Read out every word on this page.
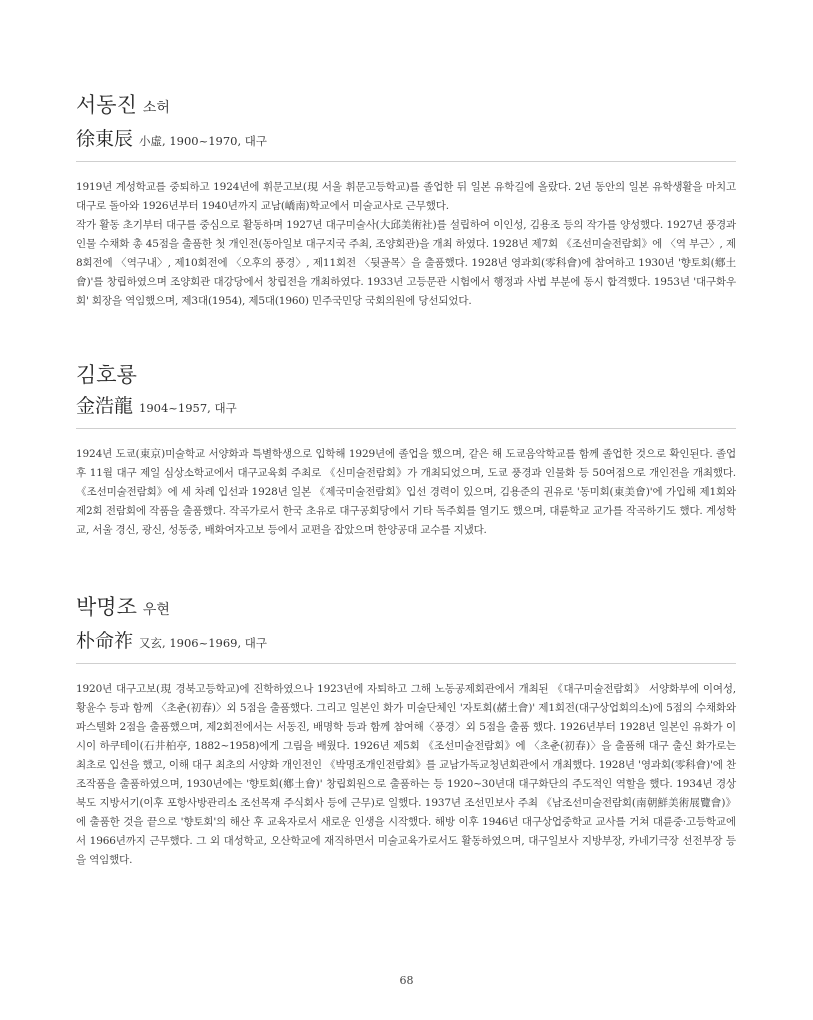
서동진 소허
徐東辰 小虛, 1900~1970, 대구

1919년 계성학교를 중퇴하고 1924년에 휘문고보(現 서울 휘문고등학교)를 졸업한 뒤 일본 유학길에 올랐다. 2년 동안의 일본 유학생활을 마치고 대구로 돌아와 1926년부터 1940년까지 교남(嶠南)학교에서 미술교사로 근무했다.

작가 활동 초기부터 대구를 중심으로 활동하며 1927년 대구미술사(大邱美術社)를 설립하여 이인성, 김용조 등의 작가를 양성했다. 1927년 풍경과 인물 수채화 총 45점을 출품한 첫 개인전(동아일보 대구지국 주최, 조양회관)을 개최 하였다. 1928년 제7회 《조선미술전람회》에 〈역 부근〉, 제8회전에 〈역구내〉, 제10회전에 〈오후의 풍경〉, 제11회전 〈뒷골목〉을 출품했다. 1928년 영과회(零科會)에 참여하고 1930년 '향토회(鄕土會)'를 창립하였으며 조양회관 대강당에서 창립전을 개최하였다. 1933년 고등문관 시험에서 행정과 사법 부분에 동시 합격했다. 1953년 '대구화우회' 회장을 역임했으며, 제3대(1954), 제5대(1960) 민주국민당 국회의원에 당선되었다.

김호룡
金浩龍 1904~1957, 대구

1924년 도쿄(東京)미술학교 서양화과 특별학생으로 입학해 1929년에 졸업을 했으며, 같은 해 도쿄음악학교를 함께 졸업한 것으로 확인된다. 졸업 후 11월 대구 제일 심상소학교에서 대구교육회 주최로 《신미술전람회》가 개최되었으며, 도쿄 풍경과 인물화 등 50여점으로 개인전을 개최했다. 《조선미술전람회》에 세 차례 입선과 1928년 일본 《제국미술전람회》입선 경력이 있으며, 김용준의 권유로 '동미회(東美會)'에 가입해 제1회와 제2회 전람회에 작품을 출품했다. 작곡가로서 한국 초유로 대구공회당에서 기타 독주회를 열기도 했으며, 대륜학교 교가를 작곡하기도 했다. 계성학교, 서울 경신, 광신, 성동중, 배화여자고보 등에서 교편을 잡았으며 한양공대 교수를 지냈다.

박명조 우현
朴命祚 又玄, 1906~1969, 대구

1920년 대구고보(現 경북고등학교)에 진학하였으나 1923년에 자퇴하고 그해 노동공제회관에서 개최된 《대구미술전람회》 서양화부에 이여성, 황윤수 등과 함께 〈초춘(初春)〉외 5점을 출품했다. 그리고 일본인 화가 미술단체인 '자토회(赭土會)' 제1회전(대구상업회의소)에 5점의 수채화와 파스텔화 2점을 출품했으며, 제2회전에서는 서동진, 배명학 등과 함께 참여해〈풍경〉외 5점을 출품 했다. 1926년부터 1928년 일본인 유화가 이시이 하쿠테이(石井柏亭, 1882~1958)에게 그림을 배웠다. 1926년 제5회 《조선미술전람회》에 〈초춘(初春)〉을 출품해 대구 출신 화가로는 최초로 입선을 했고, 이해 대구 최초의 서양화 개인전인 《박명조개인전람회》를 교남가독교청년회관에서 개최했다. 1928년 '영과회(零科會)'에 찬조작품을 출품하였으며, 1930년에는 '향토회(鄕土會)' 창립회원으로 출품하는 등 1920~30년대 대구화단의 주도적인 역할을 했다. 1934년 경상북도 지방서기(이후 포항사방관리소 조선목재 주식회사 등에 근무)로 일했다. 1937년 조선민보사 주최 《남조선미술전람회(南朝鮮美術展覽會)》에 출품한 것을 끝으로 '향토회'의 해산 후 교육자로서 새로운 인생을 시작했다. 해방 이후 1946년 대구상업중학교 교사를 거쳐 대륜중·고등학교에서 1966년까지 근무했다. 그 외 대성학교, 오산학교에 재직하면서 미술교육가로서도 활동하였으며, 대구일보사 지방부장, 카네기극장 선전부장 등을 역임했다.

68
